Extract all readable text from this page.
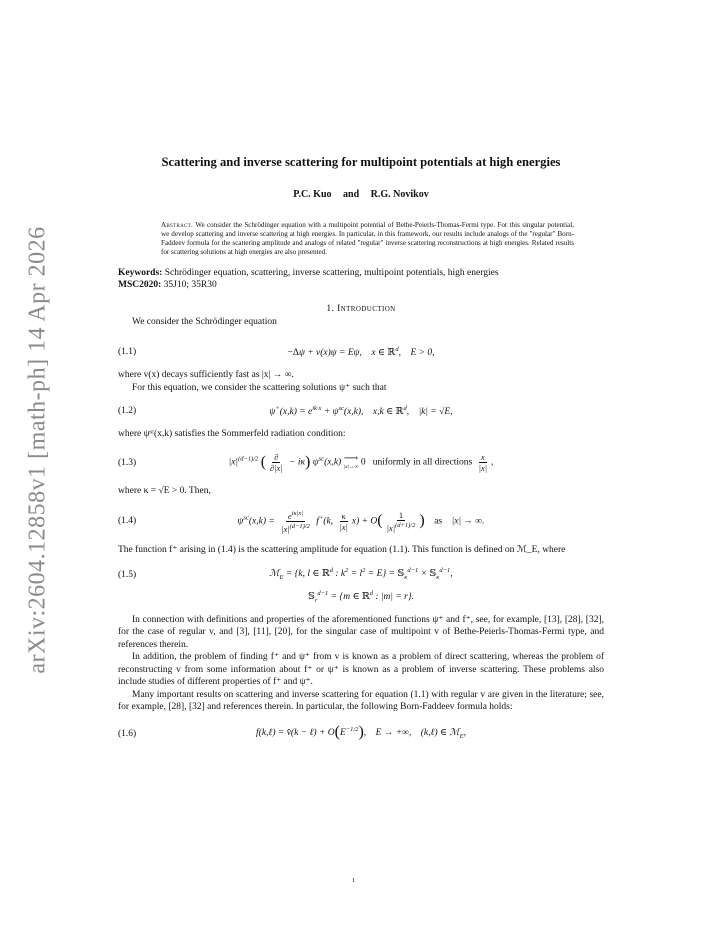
arXiv:2604.12858v1 [math-ph] 14 Apr 2026
Scattering and inverse scattering for multipoint potentials at high energies
P.C. Kuo and R.G. Novikov
Abstract. We consider the Schrödinger equation with a multipoint potential of Bethe-Peierls-Thomas-Fermi type. For this singular potential, we develop scattering and inverse scattering at high energies. In particular, in this framework, our results include analogs of the "regular" Born-Faddeev formula for the scattering amplitude and analogs of related "regular" inverse scattering reconstructions at high energies. Related results for scattering solutions at high energies are also presented.
Keywords: Schrödinger equation, scattering, inverse scattering, multipoint potentials, high energies
MSC2020: 35J10; 35R30
1. Introduction
We consider the Schrödinger equation
(1.1)	−Δψ + v(x)ψ = Eψ,    x ∈ ℝ$^d$,    E > 0,
where v(x) decays sufficiently fast as |x| → ∞.
For this equation, we consider the scattering solutions ψ⁺ such that
(1.2)	$\psi^+(x,k) = e^{ik\cdot x} + \psi^{sc}(x,k)$,    x,k ∈ ℝ$^d$,    |k| = √E,
where ψˢᶜ(x,k) satisfies the Sommerfeld radiation condition:
(1.3)	$|x|^{(d-1)/2}$ ( $\frac{\partial}{\partial|x|} - i\kappa$) $\psi^{sc}(x,k)$ ⟶
|x|→∞ 0 uniformly in all directions $\frac{x}{|x|}$ ,
where κ = √E > 0. Then,
(1.4)	$\psi^{sc}(x,k) = \frac{e^{i\kappa|x|}}{|x|^{(d-1)/2}} f^+(k$, $\frac{\kappa}{|x|} x) + O( \frac{1}{|x|^{(d+1)/2}}$ ) as    |x| → ∞.
The function f⁺ arising in (1.4) is the scattering amplitude for equation (1.1). This function is defined on ℳ_E, where
(1.5)	ℳ$_E$ = {k, l ∈ ℝ$^d$ : $k^2 = l^2 = E$} = 𝕊$_\kappa^{d-1}$ × 𝕊$_\kappa^{d-1}$,
𝕊$_r^{d-1}$ = {m ∈ ℝ$^d$ : |m| = r}.
In connection with definitions and properties of the aforementioned functions ψ⁺ and f⁺, see, for example, [13], [28], [32], for the case of regular v, and [3], [11], [20], for the singular case of multipoint v of Bethe-Peierls-Thomas-Fermi type, and references therein.
In addition, the problem of finding f⁺ and ψ⁺ from v is known as a problem of direct scattering, whereas the problem of reconstructing v from some information about f⁺ or ψ⁺ is known as a problem of inverse scattering. These problems also include studies of different properties of f⁺ and ψ⁺.
Many important results on scattering and inverse scattering for equation (1.1) with regular v are given in the literature; see, for example, [28], [32] and references therein. In particular, the following Born-Faddeev formula holds:
(1.6)	f(k,ℓ) = v̂(k − ℓ) + $O(E^{-1/2})$,    E → +∞,    (k,ℓ) ∈ ℳ$_E$,
1
